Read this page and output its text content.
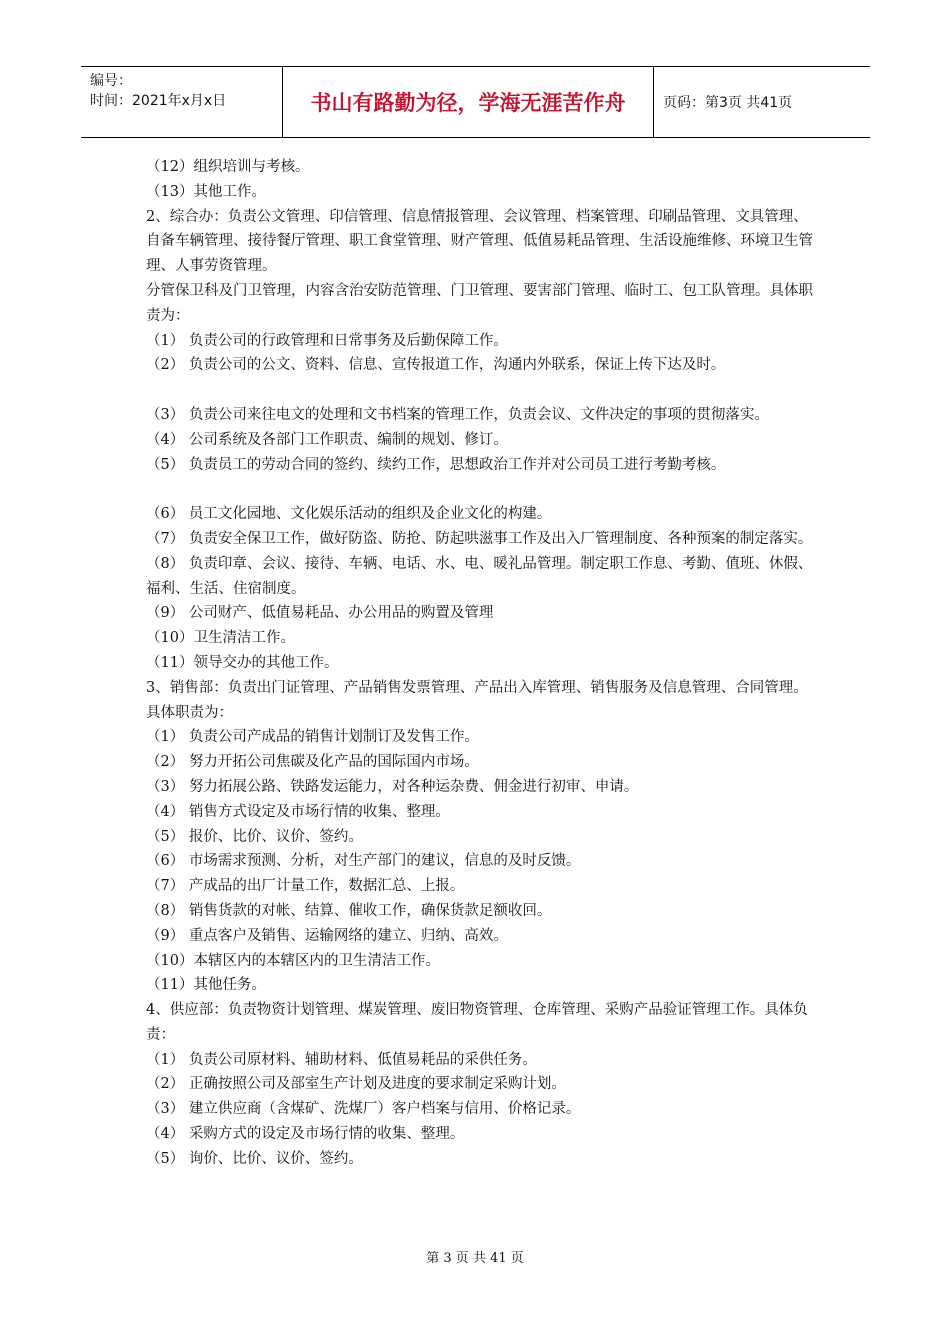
编号：
时间：2021年x月x日	书山有路勤为径，学海无涯苦作舟	页码：第3页 共41页

（12）组织培训与考核。

（13）其他工作。

2、综合办：负责公文管理、印信管理、信息情报管理、会议管理、档案管理、印刷品管理、文具管理、自备车辆管理、接待餐厅管理、职工食堂管理、财产管理、低值易耗品管理、生活设施维修、环境卫生管理、人事劳资管理。

分管保卫科及门卫管理，内容含治安防范管理、门卫管理、要害部门管理、临时工、包工队管理。具体职责为：

（1） 负责公司的行政管理和日常事务及后勤保障工作。

（2） 负责公司的公文、资料、信息、宣传报道工作，沟通内外联系，保证上传下达及时。

（3） 负责公司来往电文的处理和文书档案的管理工作，负责会议、文件决定的事项的贯彻落实。

（4） 公司系统及各部门工作职责、编制的规划、修订。

（5） 负责员工的劳动合同的签约、续约工作，思想政治工作并对公司员工进行考勤考核。

（6） 员工文化园地、文化娱乐活动的组织及企业文化的构建。

（7） 负责安全保卫工作，做好防盗、防抢、防起哄滋事工作及出入厂管理制度、各种预案的制定落实。

（8） 负责印章、会议、接待、车辆、电话、水、电、暖礼品管理。制定职工作息、考勤、值班、休假、福利、生活、住宿制度。

（9） 公司财产、低值易耗品、办公用品的购置及管理

（10）卫生清洁工作。

（11）领导交办的其他工作。

3、销售部：负责出门证管理、产品销售发票管理、产品出入库管理、销售服务及信息管理、合同管理。具体职责为：

（1） 负责公司产成品的销售计划制订及发售工作。

（2） 努力开拓公司焦碳及化产品的国际国内市场。

（3） 努力拓展公路、铁路发运能力，对各种运杂费、佣金进行初审、申请。

（4） 销售方式设定及市场行情的收集、整理。

（5） 报价、比价、议价、签约。

（6） 市场需求预测、分析，对生产部门的建议，信息的及时反馈。

（7） 产成品的出厂计量工作，数据汇总、上报。

（8） 销售货款的对帐、结算、催收工作，确保货款足额收回。

（9） 重点客户及销售、运输网络的建立、归纳、高效。

（10）本辖区内的本辖区内的卫生清洁工作。

（11）其他任务。

4、供应部：负责物资计划管理、煤炭管理、废旧物资管理、仓库管理、采购产品验证管理工作。具体负责：

（1） 负责公司原材料、辅助材料、低值易耗品的采供任务。

（2） 正确按照公司及部室生产计划及进度的要求制定采购计划。

（3） 建立供应商（含煤矿、洗煤厂）客户档案与信用、价格记录。

（4） 采购方式的设定及市场行情的收集、整理。

（5） 询价、比价、议价、签约。

第 3 页 共 41 页
